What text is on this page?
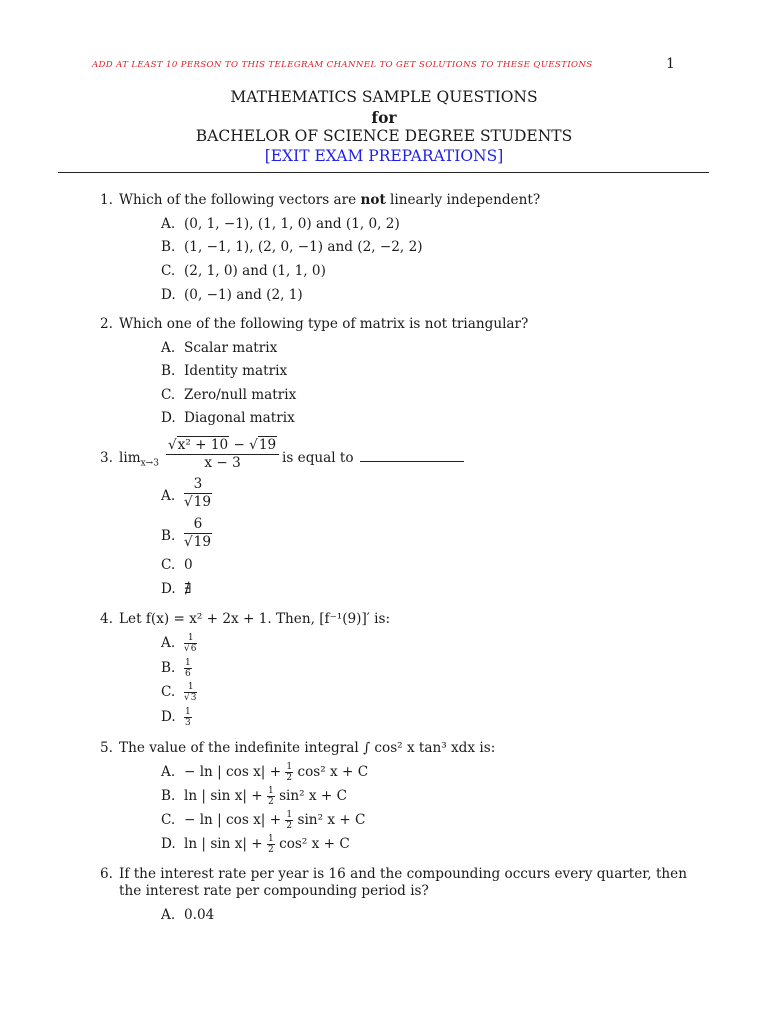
ADD AT LEAST 10 PERSON TO THIS TELEGRAM CHANNEL TO GET SOLUTIONS TO THESE QUESTIONS	1
MATHEMATICS SAMPLE QUESTIONS
for
BACHELOR OF SCIENCE DEGREE STUDENTS
[EXIT EXAM PREPARATIONS]
1. Which of the following vectors are not linearly independent?
A. (0, 1, −1), (1, 1, 0) and (1, 0, 2)
B. (1, −1, 1), (2, 0, −1) and (2, −2, 2)
C. (2, 1, 0) and (1, 1, 0)
D. (0, −1) and (2, 1)
2. Which one of the following type of matrix is not triangular?
A. Scalar matrix
B. Identity matrix
C. Zero/null matrix
D. Diagonal matrix
3. $\lim_{x\to 3} \frac{\text{√x² + 10 − √19}}{x - 3}$ is equal to
A. $\frac{3}{√19}$
B. $\frac{6}{√19}$
C. 0
D. ∄
4. Let f(x) = x² + 2x + 1. Then, [f⁻¹(9)]′ is:
A. $\frac{1}{√6}$
B. $\frac{1}{6}$
C. $\frac{1}{√3}$
D. $\frac{1}{3}$
5. The value of the indefinite integral ∫ cos² x tan³ xdx is:
A. − ln | $\cos x| + \frac{1}{2} \cos^2$ x + C
B. ln | $\sin x| + \frac{1}{2} \sin^2$ x + C
C. − ln | $\cos x| + \frac{1}{2} \sin^2$ x + C
D. ln | $\sin x| + \frac{1}{2} \cos^2$ x + C
6. If the interest rate per year is 16 and the compounding occurs every quarter, then
the interest rate per compounding period is?
A. 0.04
